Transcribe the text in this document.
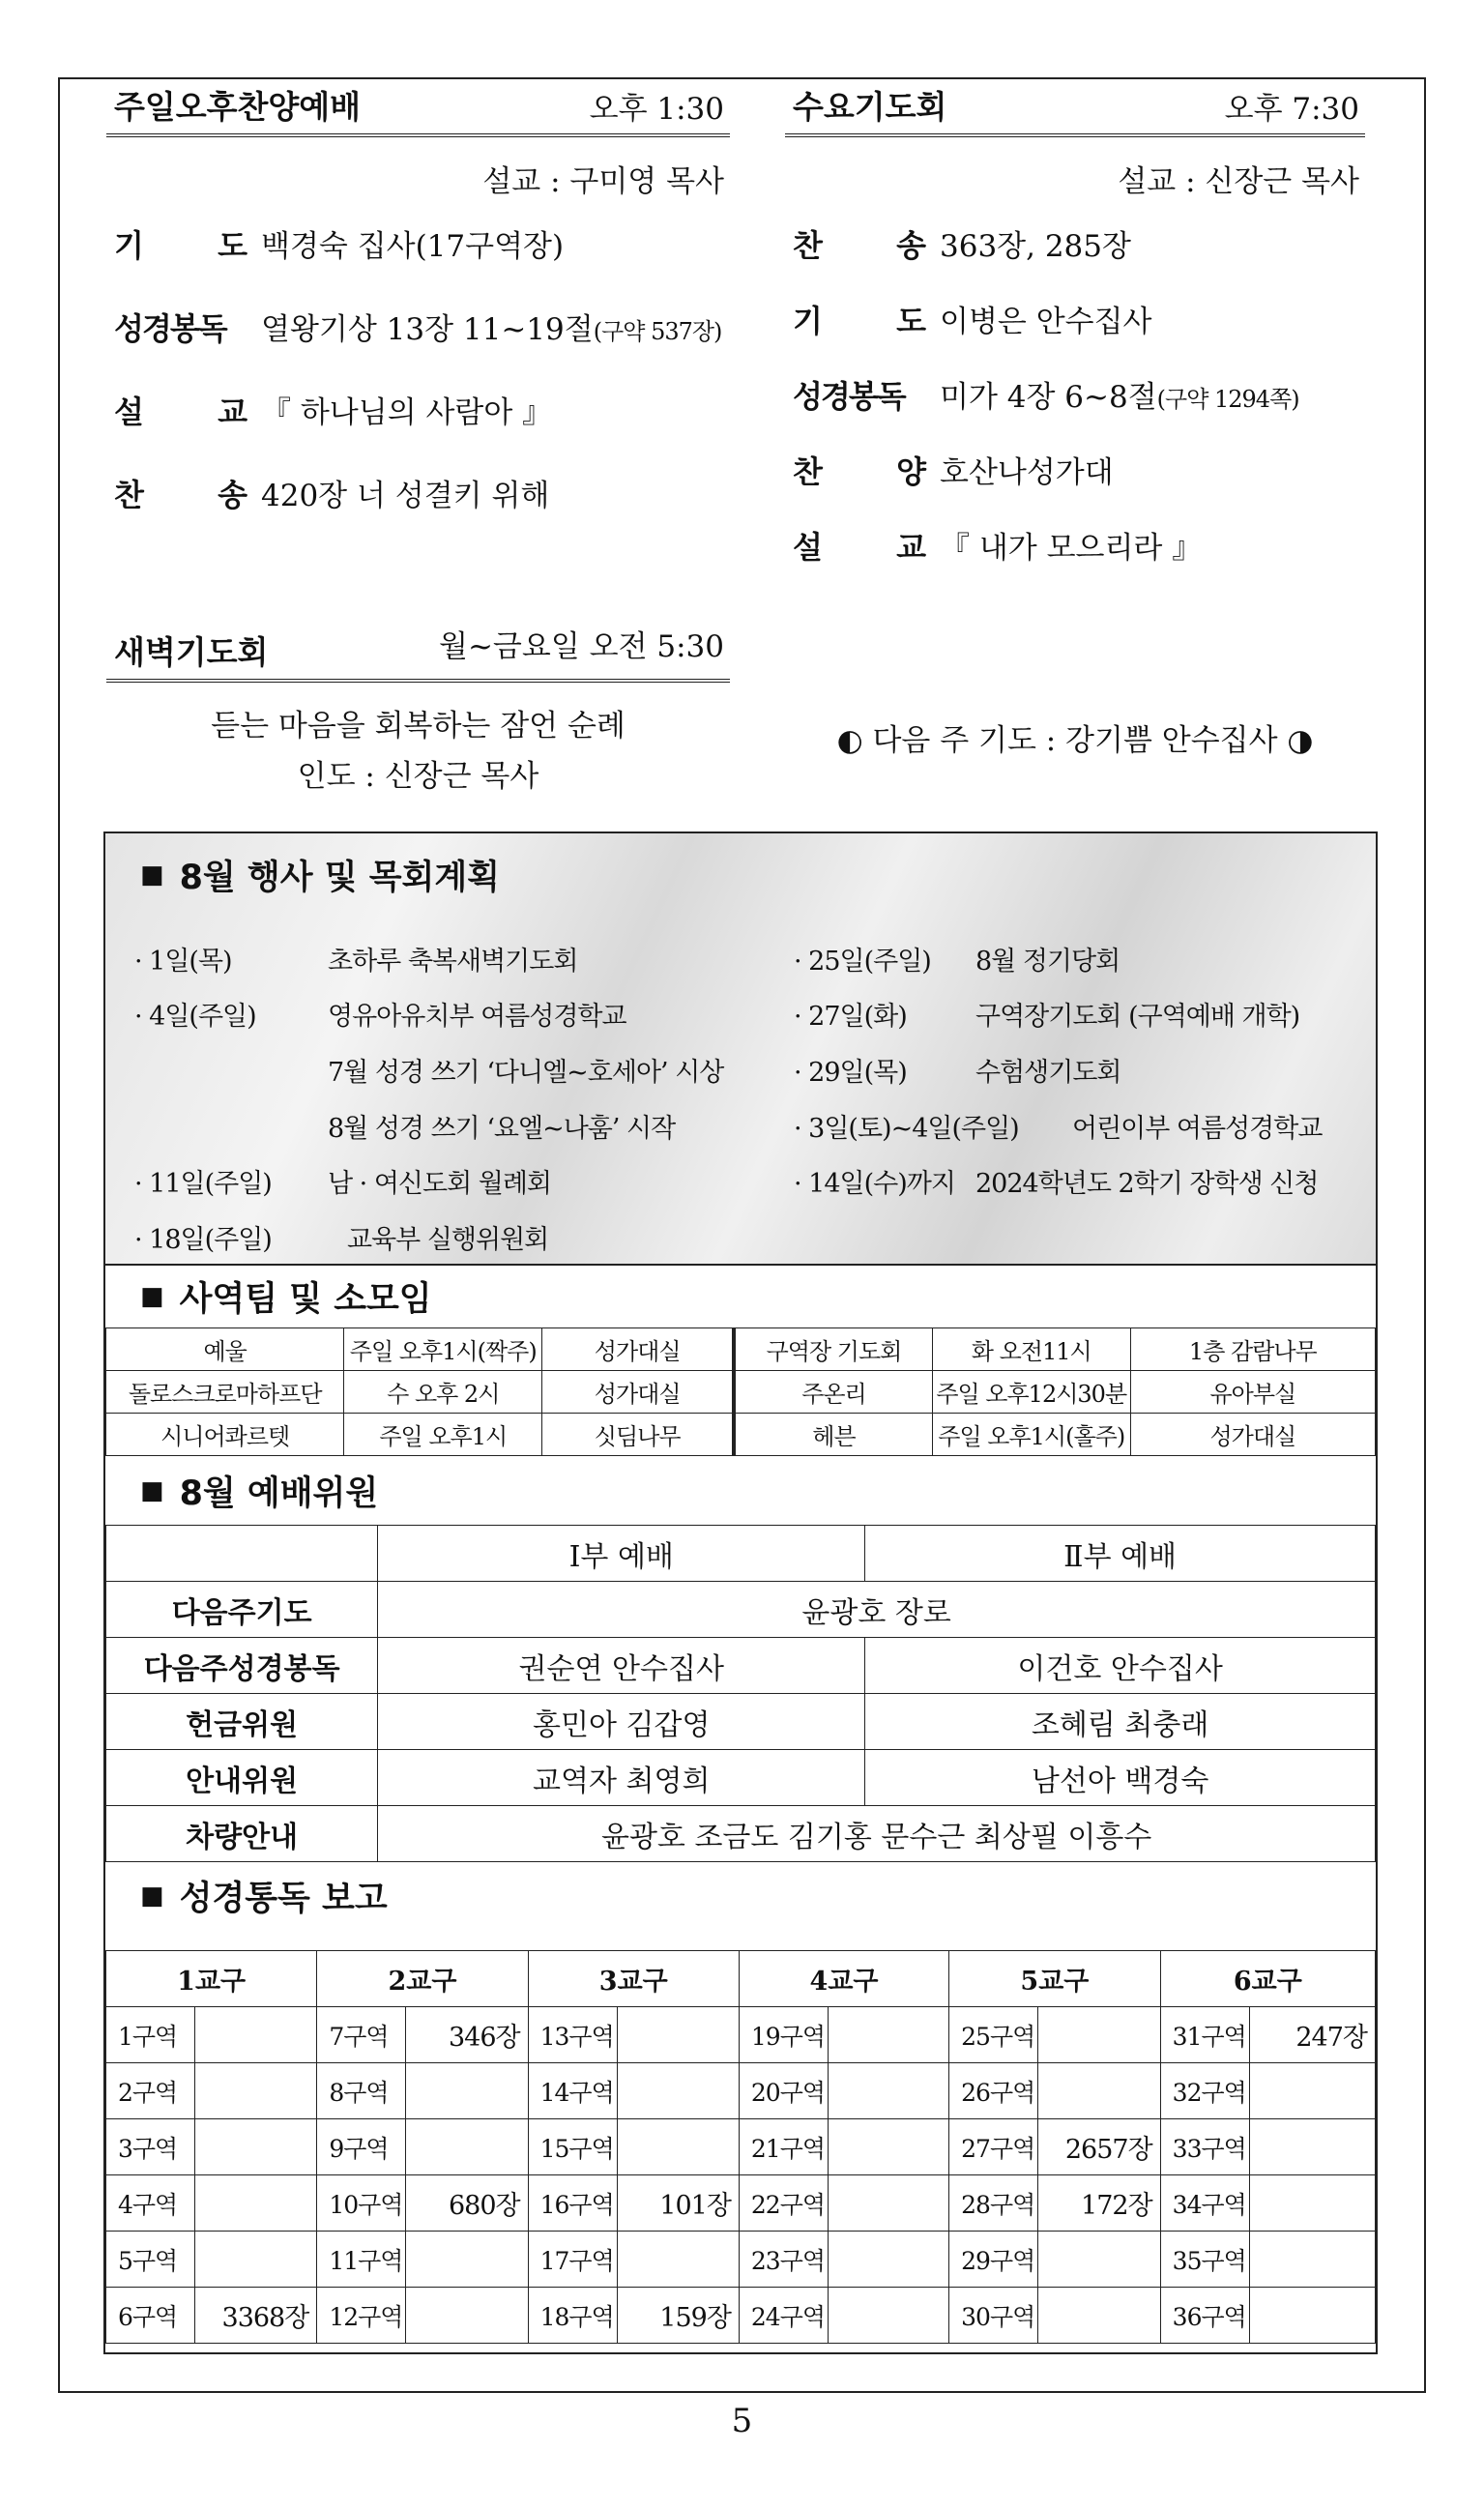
주일오후찬양예배	오후 1:30
설교 : 구미영 목사
기 도 백경숙 집사(17구역장)
성경봉독	열왕기상 13장 11~19절 (구약 537장)
설 교 『 하나님의 사람아 』
찬 송 420장 너 성결키 위해
수요기도회	오후 7:30
설교 : 신장근 목사
찬 송 363장, 285장
기 도 이병은 안수집사
성경봉독	미가 4장 6~8절 (구약 1294쪽)
찬 양 호산나성가대
설 교 『 내가 모으리라 』
새벽기도회	월~금요일 오전 5:30
듣는 마음을 회복하는 잠언 순례
인도 : 신장근 목사
◐ 다음 주 기도 : 강기쁨 안수집사 ◑
■ 8월 행사 및 목회계획
· 1일(목)	초하루 축복새벽기도회
· 4일(주일)	영유아유치부 여름성경학교
7월 성경 쓰기 ‘다니엘~호세아’ 시상
8월 성경 쓰기 ‘요엘~나훔’ 시작
· 11일(주일) 남 · 여신도회 월례회
· 18일(주일)	교육부 실행위원회
· 25일(주일) 8월 정기당회
· 27일(화)	구역장기도회 (구역예배 개학)
· 29일(목)	수험생기도회
· 3일(토)~4일(주일) 어린이부 여름성경학교
· 14일(수)까지 2024학년도 2학기 장학생 신청
■ 사역팀 및 소모임
예울	주일 오후1시(짝주)	성가대실	구역장 기도회	화 오전11시	1층 감람나무
돌로스크로마하프단	수 오후 2시	성가대실	주온리	주일 오후12시30분	유아부실
시니어콰르텟	주일 오후1시	싯딤나무	헤븐	주일 오후1시(홀주)	성가대실
■ 8월 예배위원
	Ⅰ부 예배	Ⅱ부 예배
다음주기도	윤광호 장로	
다음주성경봉독	권순연 안수집사	이건호 안수집사
헌금위원	홍민아 김갑영	조혜림 최충래
안내위원	교역자 최영희	남선아 백경숙
차량안내	윤광호 조금도 김기홍 문수근 최상필 이흥수	
■ 성경통독 보고
1교구		2교구		3교구		4교구		5교구		6교구	
1구역		7구역	346장	13구역		19구역		25구역		31구역	247장
2구역		8구역		14구역		20구역		26구역		32구역	
3구역		9구역		15구역		21구역		27구역	2657장	33구역	
4구역		10구역	680장	16구역	101장	22구역		28구역	172장	34구역	
5구역		11구역		17구역		23구역		29구역		35구역	
6구역	3368장	12구역		18구역	159장	24구역		30구역		36구역	
5
